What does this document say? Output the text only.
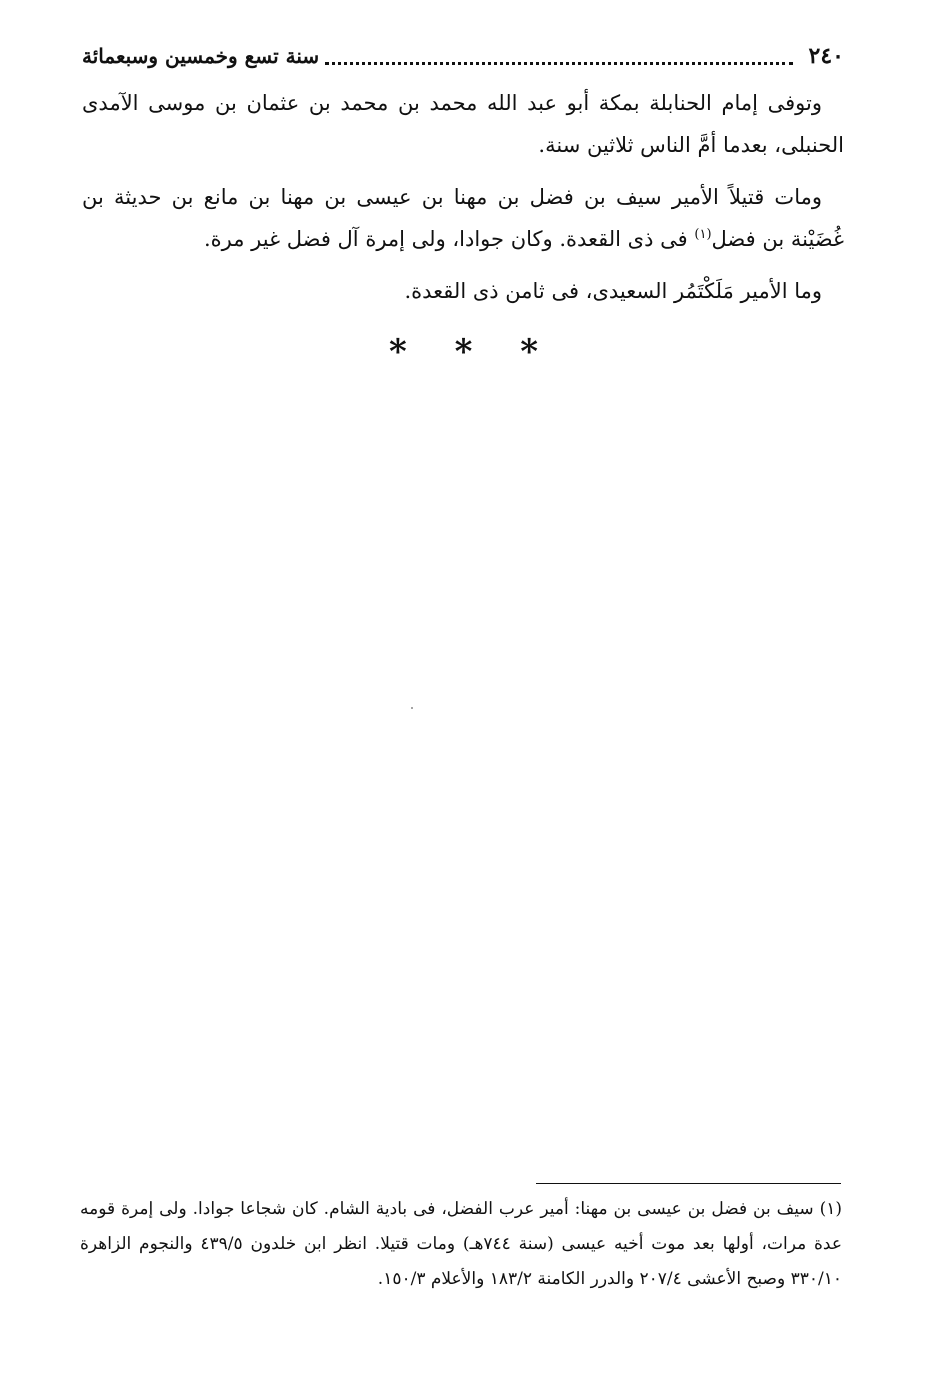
٢٤٠
سنة تسع وخمسين وسبعمائة

وتوفى إمام الحنابلة بمكة أبو عبد الله محمد بن محمد بن عثمان بن موسى الآمدى الحنبلى، بعدما أمَّ الناس ثلاثين سنة.

ومات قتيلاً الأمير سيف بن فضل بن مهنا بن عيسى بن مهنا بن مانع بن حديثة بن غُضَيْنة بن فضل$^{(١)}$ فى ذى القعدة. وكان جوادا، ولى إمرة آل فضل غير مرة.

وما الأمير مَلَكْتَمُر السعيدى، فى ثامن ذى القعدة.

* * *

(١) سيف بن فضل بن عيسى بن مهنا: أمير عرب الفضل، فى بادية الشام. كان شجاعا جوادا. ولى إمرة قومه عدة مرات، أولها بعد موت أخيه عيسى (سنة ٧٤٤هـ) ومات قتيلا. انظر ابن خلدون ٤٣٩/٥ والنجوم الزاهرة ٣٣٠/١٠ وصبح الأعشى ٢٠٧/٤ والدرر الكامنة ١٨٣/٢ والأعلام ١٥٠/٣.
